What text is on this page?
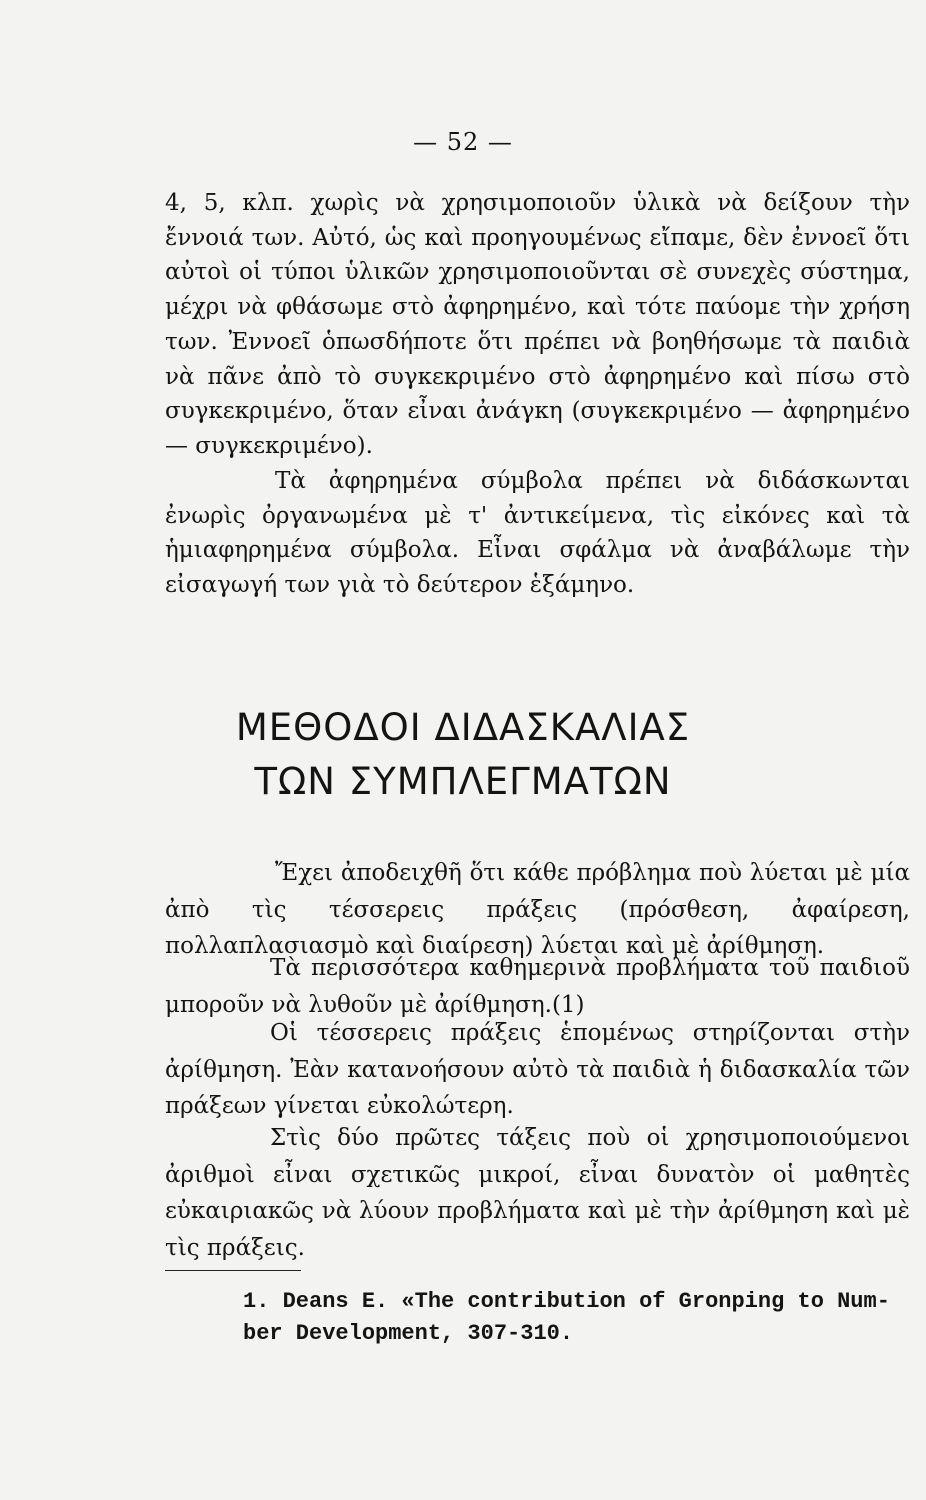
— 52 —

4, 5, κλπ. χωρὶς νὰ χρησιμοποιοῦν ὑλικὰ νὰ δείξουν τὴν ἔννοιά των. Αὐτό, ὡς καὶ προηγουμένως εἴπαμε, δὲν ἐννοεῖ ὅτι αὐτοὶ οἱ τύποι ὑλικῶν χρησιμοποιοῦνται σὲ συνεχὲς σύστημα, μέχρι νὰ φθάσωμε στὸ ἀφηρημένο, καὶ τότε παύομε τὴν χρήση των. Ἐννοεῖ ὁπωσδήποτε ὅτι πρέπει νὰ βοηθήσωμε τὰ παιδιὰ νὰ πᾶνε ἀπὸ τὸ συγκεκριμένο στὸ ἀφηρημένο καὶ πίσω στὸ συγκεκριμένο, ὅταν εἶναι ἀνάγκη (συγκεκριμένο — ἀφηρημένο — συγκεκριμένο).

Τὰ ἀφηρημένα σύμβολα πρέπει νὰ διδάσκωνται ἐνωρὶς ὀργανωμένα μὲ τ' ἀντικείμενα, τὶς εἰκόνες καὶ τὰ ἡμιαφηρημένα σύμβολα. Εἶναι σφάλμα νὰ ἀναβάλωμε τὴν εἰσαγωγή των γιὰ τὸ δεύτερον ἑξάμηνο.

ΜΕΘΟΔΟΙ ΔΙΔΑΣΚΑΛΙΑΣ
ΤΩΝ ΣΥΜΠΛΕΓΜΑΤΩΝ

Ἔχει ἀποδειχθῆ ὅτι κάθε πρόβλημα ποὺ λύεται μὲ μία ἀπὸ τὶς τέσσερεις πράξεις (πρόσθεση, ἀφαίρεση, πολλαπλασιασμὸ καὶ διαίρεση) λύεται καὶ μὲ ἀρίθμηση.

Τὰ περισσότερα καθημερινὰ προβλήματα τοῦ παιδιοῦ μποροῦν νὰ λυθοῦν μὲ ἀρίθμηση.(1)

Οἱ τέσσερεις πράξεις ἑπομένως στηρίζονται στὴν ἀρίθμηση. Ἐὰν κατανοήσουν αὐτὸ τὰ παιδιὰ ἡ διδασκαλία τῶν πράξεων γίνεται εὐκολώτερη.

Στὶς δύο πρῶτες τάξεις ποὺ οἱ χρησιμοποιούμενοι ἀριθμοὶ εἶναι σχετικῶς μικροί, εἶναι δυνατὸν οἱ μαθητὲς εὐκαιριακῶς νὰ λύουν προβλήματα καὶ μὲ τὴν ἀρίθμηση καὶ μὲ τὶς πράξεις.

1. Deans E. «The contribution of Gronping to Num-
ber Development, 307-310.
